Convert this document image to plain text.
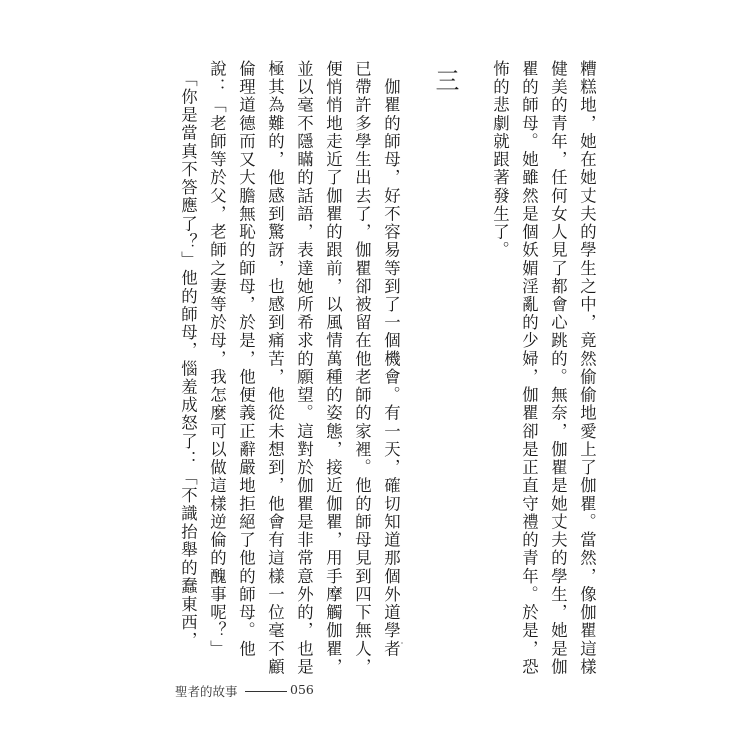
糟糕地，她在她丈夫的學生之中，竟然偷偷地愛上了伽瞿。當然，像伽瞿這樣
健美的青年，任何女人見了都會心跳的。無奈，伽瞿是她丈夫的學生，她是伽
瞿的師母。她雖然是個妖媚淫亂的少婦，伽瞿卻是正直守禮的青年。於是，恐
怖的悲劇就跟著發生了。
三
　伽瞿的師母，好不容易等到了一個機會。有一天，確切知道那個外道學者
已帶許多學生出去了，伽瞿卻被留在他老師的家裡。他的師母見到四下無人，
便悄悄地走近了伽瞿的跟前，以風情萬種的姿態，接近伽瞿，用手摩觸伽瞿，
並以毫不隱瞞的話語，表達她所希求的願望。這對於伽瞿是非常意外的，也是
極其為難的，他感到驚訝，也感到痛苦，他從未想到，他會有這樣一位毫不顧
倫理道德而又大膽無恥的師母，於是，他便義正辭嚴地拒絕了他的師母。他
說：「老師等於父，老師之妻等於母，我怎麼可以做這樣逆倫的醜事呢？」
　「你是當真不答應了？」他的師母，惱羞成怒了：「不識抬舉的蠢東西，
聖者的故事	056
